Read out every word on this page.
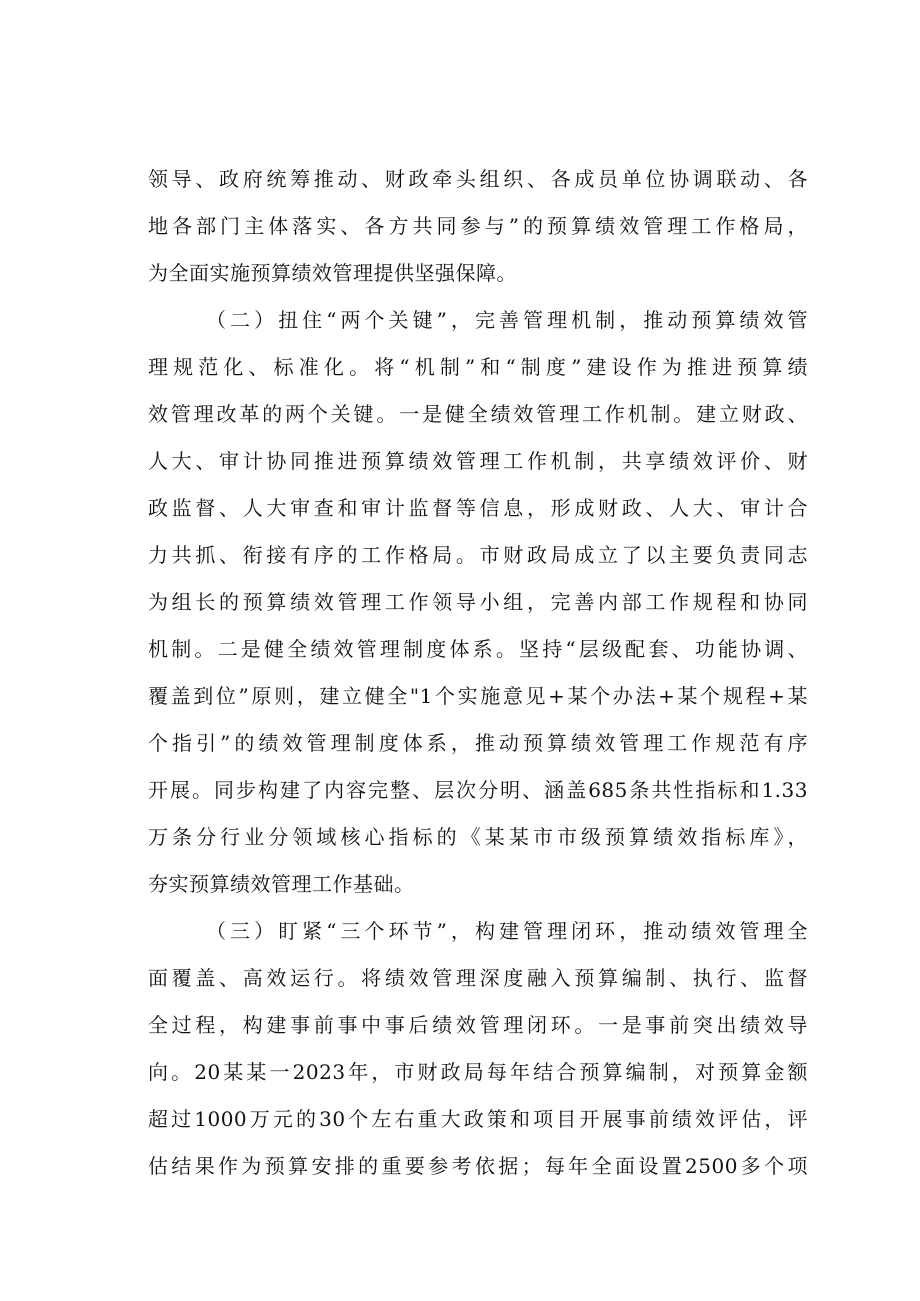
领导、政府统筹推动、财政牵头组织、各成员单位协调联动、各
地各部门主体落实、各方共同参与”的预算绩效管理工作格局，
为全面实施预算绩效管理提供坚强保障。
（二）扭住“两个关键”，完善管理机制，推动预算绩效管
理规范化、标准化。将“机制”和“制度”建设作为推进预算绩
效管理改革的两个关键。一是健全绩效管理工作机制。建立财政、
人大、审计协同推进预算绩效管理工作机制，共享绩效评价、财
政监督、人大审查和审计监督等信息，形成财政、人大、审计合
力共抓、衔接有序的工作格局。市财政局成立了以主要负责同志
为组长的预算绩效管理工作领导小组，完善内部工作规程和协同
机制。二是健全绩效管理制度体系。坚持“层级配套、功能协调、
覆盖到位”原则，建立健全"1个实施意见+某个办法+某个规程+某
个指引”的绩效管理制度体系，推动预算绩效管理工作规范有序
开展。同步构建了内容完整、层次分明、涵盖685条共性指标和1.33
万条分行业分领域核心指标的《某某市市级预算绩效指标库》，
夯实预算绩效管理工作基础。
（三）盯紧“三个环节”，构建管理闭环，推动绩效管理全
面覆盖、高效运行。将绩效管理深度融入预算编制、执行、监督
全过程，构建事前事中事后绩效管理闭环。一是事前突出绩效导
向。20某某一2023年，市财政局每年结合预算编制，对预算金额
超过1000万元的30个左右重大政策和项目开展事前绩效评估，评
估结果作为预算安排的重要参考依据；每年全面设置2500多个项
